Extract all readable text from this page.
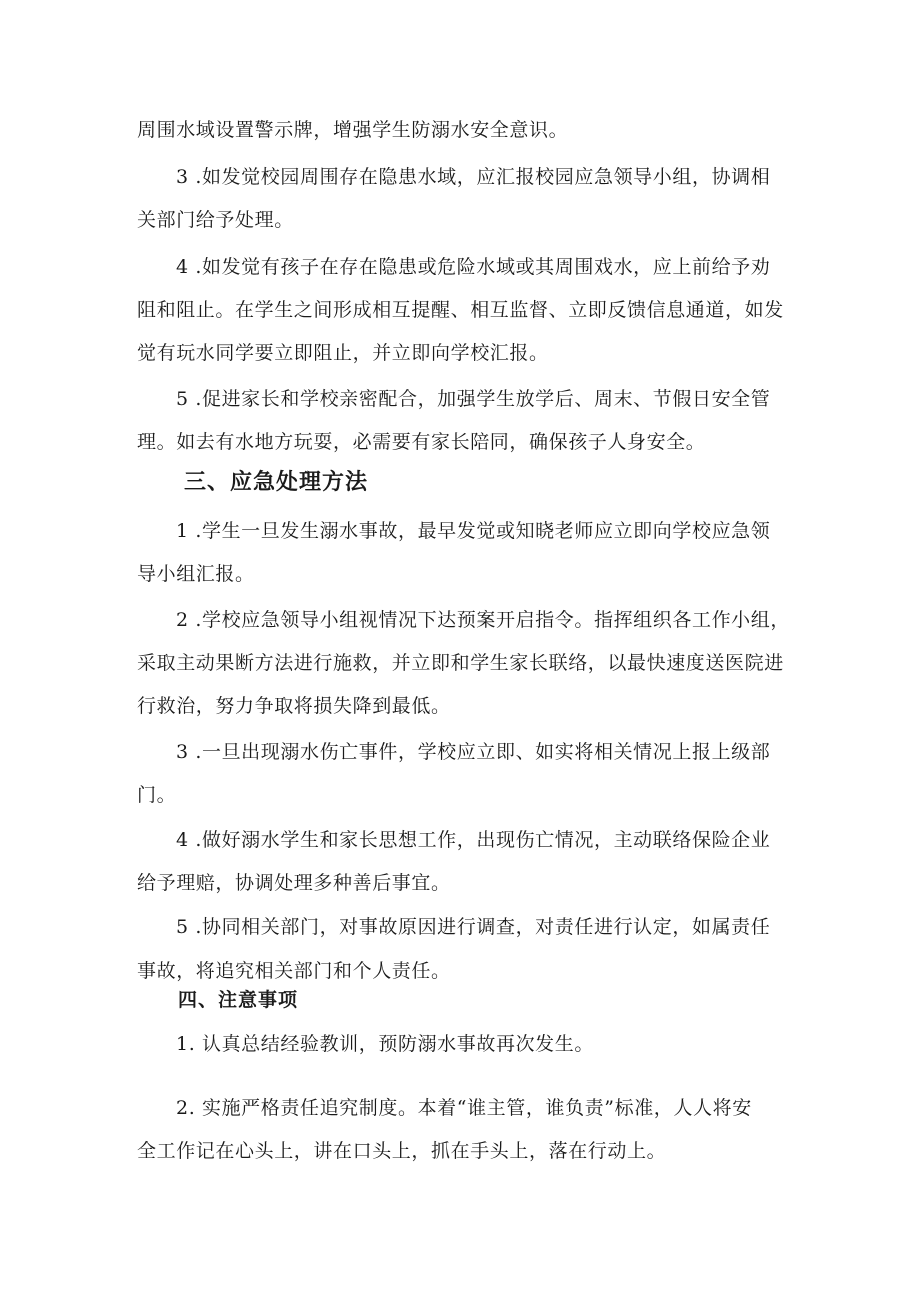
周围水域设置警示牌，增强学生防溺水安全意识。

3 .如发觉校园周围存在隐患水域，应汇报校园应急领导小组，协调相

关部门给予处理。

4 .如发觉有孩子在存在隐患或危险水域或其周围戏水，应上前给予劝

阻和阻止。在学生之间形成相互提醒、相互监督、立即反馈信息通道，如发

觉有玩水同学要立即阻止，并立即向学校汇报。

5 .促进家长和学校亲密配合，加强学生放学后、周末、节假日安全管

理。如去有水地方玩耍，必需要有家长陪同，确保孩子人身安全。

三、应急处理方法

1 .学生一旦发生溺水事故，最早发觉或知晓老师应立即向学校应急领

导小组汇报。

2 .学校应急领导小组视情况下达预案开启指令。指挥组织各工作小组，

采取主动果断方法进行施救，并立即和学生家长联络，以最快速度送医院进

行救治，努力争取将损失降到最低。

3 .一旦出现溺水伤亡事件，学校应立即、如实将相关情况上报上级部

门。

4 .做好溺水学生和家长思想工作，出现伤亡情况，主动联络保险企业

给予理赔，协调处理多种善后事宜。

5 .协同相关部门，对事故原因进行调查，对责任进行认定，如属责任

事故，将追究相关部门和个人责任。

四、注意事项

1. 认真总结经验教训，预防溺水事故再次发生。

2. 实施严格责任追究制度。本着“谁主管，谁负责”标准，人人将安

全工作记在心头上，讲在口头上，抓在手头上，落在行动上。
